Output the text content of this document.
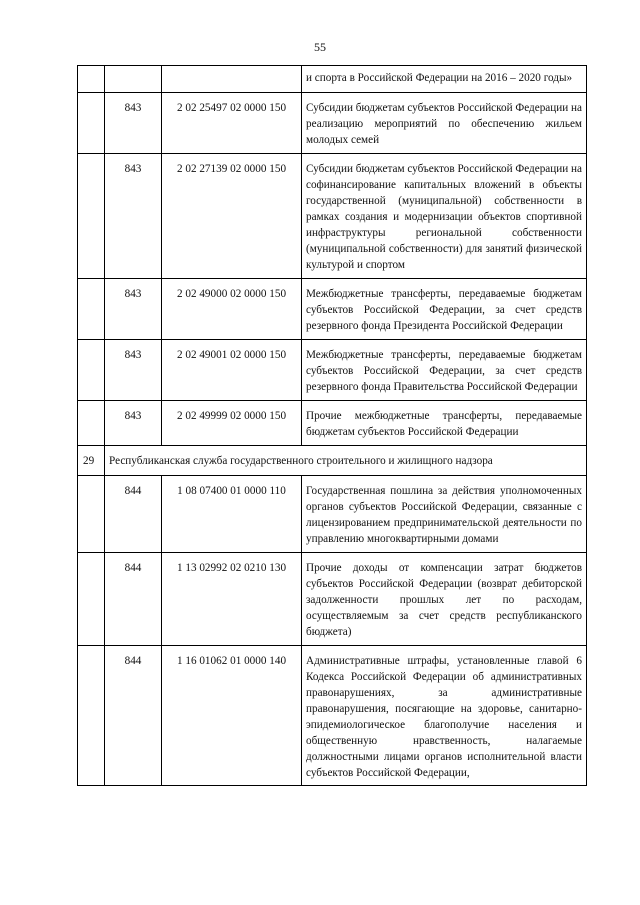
55
			и спорта в Российской Федерации на 2016 – 2020 годы»
	843	2 02 25497 02 0000 150	Субсидии бюджетам субъектов Российской Федерации на реализацию мероприятий по обеспечению жильем молодых семей
	843	2 02 27139 02 0000 150	Субсидии бюджетам субъектов Российской Федерации на софинансирование капитальных вложений в объекты государственной (муниципальной) собственности в рамках создания и модернизации объектов спортивной инфраструктуры региональной собственности (муниципальной собственности) для занятий физической культурой и спортом
	843	2 02 49000 02 0000 150	Межбюджетные трансферты, передаваемые бюджетам субъектов Российской Федерации, за счет средств резервного фонда Президента Российской Федерации
	843	2 02 49001 02 0000 150	Межбюджетные трансферты, передаваемые бюджетам субъектов Российской Федерации, за счет средств резервного фонда Правительства Российской Федерации
	843	2 02 49999 02 0000 150	Прочие межбюджетные трансферты, передаваемые бюджетам субъектов Российской Федерации
29	Республиканская служба государственного строительного и жилищного надзора		
	844	1 08 07400 01 0000 110	Государственная пошлина за действия уполномоченных органов субъектов Российской Федерации, связанные с лицензированием предпринимательской деятельности по управлению многоквартирными домами
	844	1 13 02992 02 0210 130	Прочие доходы от компенсации затрат бюджетов субъектов Российской Федерации (возврат дебиторской задолженности прошлых лет по расходам, осуществляемым за счет средств республиканского бюджета)
	844	1 16 01062 01 0000 140	Административные штрафы, установленные главой 6 Кодекса Российской Федерации об административных правонарушениях, за административные правонарушения, посягающие на здоровье, санитарно-эпидемиологическое благополучие населения и общественную нравственность, налагаемые должностными лицами органов исполнительной власти субъектов Российской Федерации,
